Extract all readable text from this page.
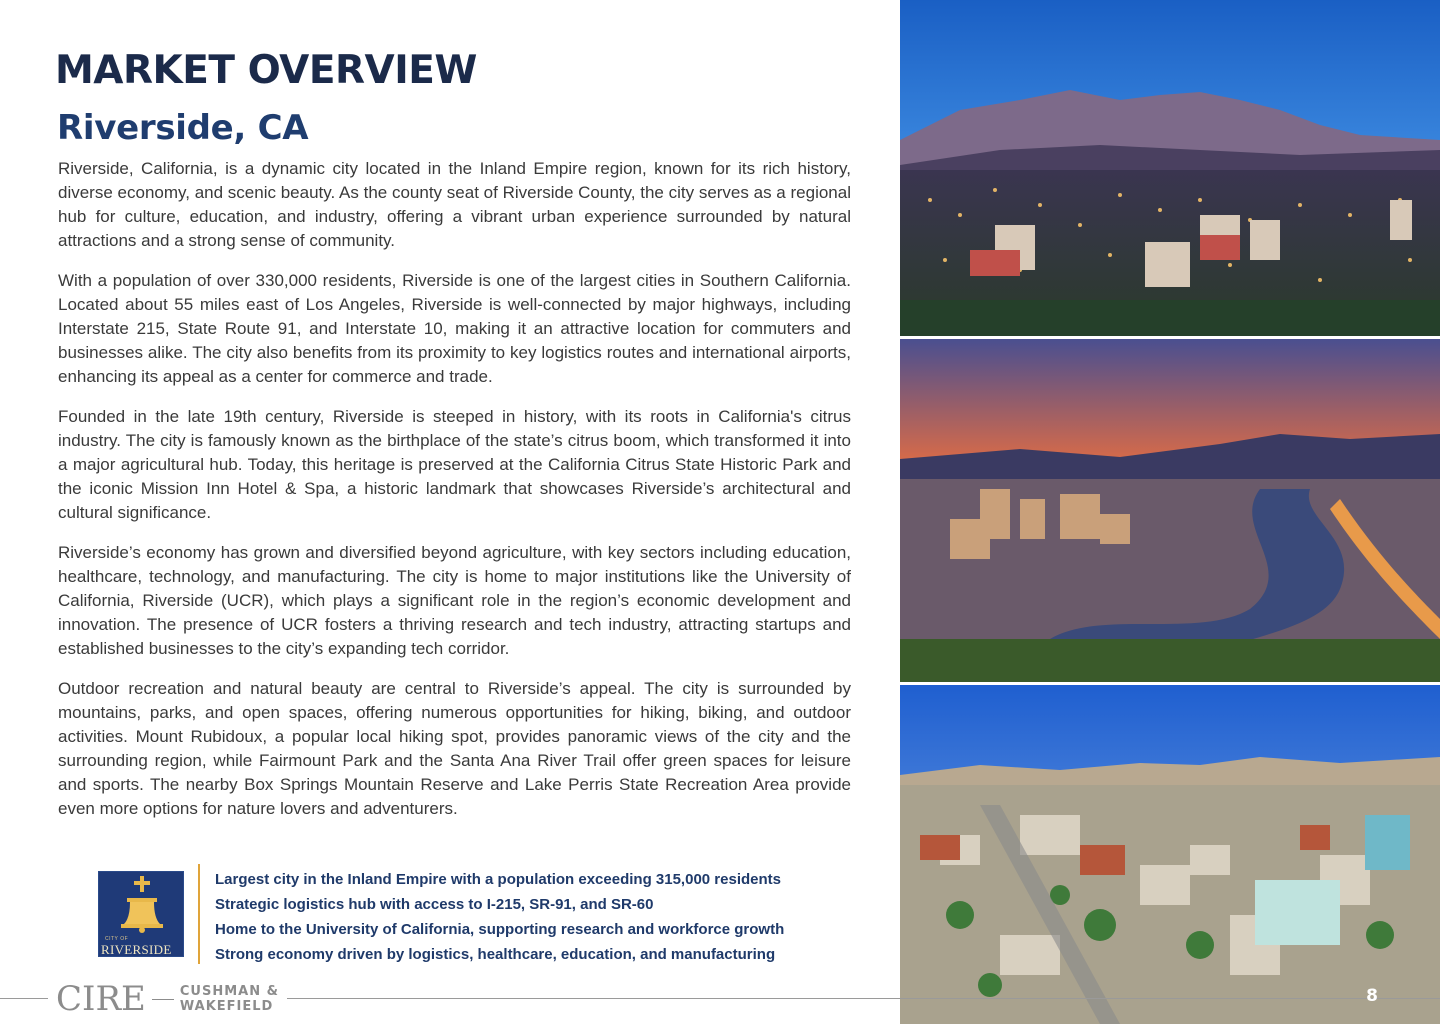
MARKET OVERVIEW
Riverside, CA

Riverside, California, is a dynamic city located in the Inland Empire region, known for its rich history, diverse economy, and scenic beauty. As the county seat of Riverside County, the city serves as a regional hub for culture, education, and industry, offering a vibrant urban experience surrounded by natural attractions and a strong sense of community.

With a population of over 330,000 residents, Riverside is one of the largest cities in Southern California. Located about 55 miles east of Los Angeles, Riverside is well-connected by major highways, including Interstate 215, State Route 91, and Interstate 10, making it an attractive location for commuters and businesses alike. The city also benefits from its proximity to key logistics routes and international airports, enhancing its appeal as a center for commerce and trade.

Founded in the late 19th century, Riverside is steeped in history, with its roots in California's citrus industry. The city is famously known as the birthplace of the state’s citrus boom, which transformed it into a major agricultural hub. Today, this heritage is preserved at the California Citrus State Historic Park and the iconic Mission Inn Hotel & Spa, a historic landmark that showcases Riverside’s architectural and cultural significance.

Riverside’s economy has grown and diversified beyond agriculture, with key sectors including education, healthcare, technology, and manufacturing. The city is home to major institutions like the University of California, Riverside (UCR), which plays a significant role in the region’s economic development and innovation. The presence of UCR fosters a thriving research and tech industry, attracting startups and established businesses to the city’s expanding tech corridor.

Outdoor recreation and natural beauty are central to Riverside’s appeal. The city is surrounded by mountains, parks, and open spaces, offering numerous opportunities for hiking, biking, and outdoor activities. Mount Rubidoux, a popular local hiking spot, provides panoramic views of the city and the surrounding region, while Fairmount Park and the Santa Ana River Trail offer green spaces for leisure and sports. The nearby Box Springs Mountain Reserve and Lake Perris State Recreation Area provide even more options for nature lovers and adventurers.

CITY OF
RIVERSIDE
Largest city in the Inland Empire with a population exceeding 315,000 residents
Strategic logistics hub with access to I-215, SR-91, and SR-60
Home to the University of California, supporting research and workforce growth
Strong economy driven by logistics, healthcare, education, and manufacturing
CIRE	CUSHMAN &
WAKEFIELD
8
